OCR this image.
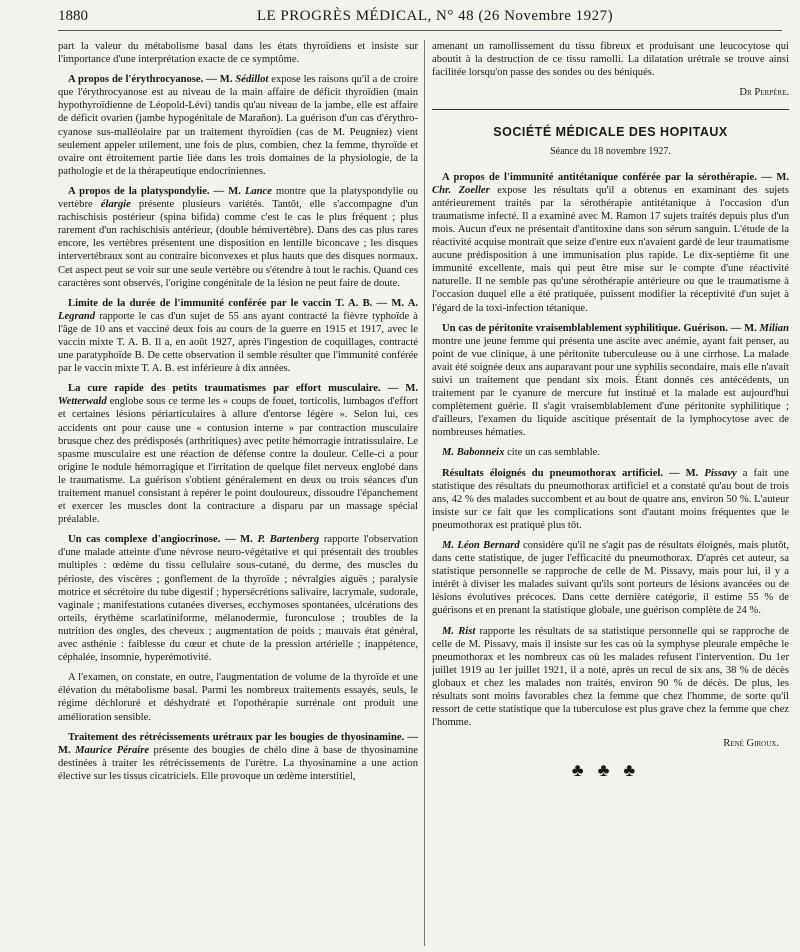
1880	LE PROGRÈS MÉDICAL, N° 48 (26 Novembre 1927)

part la valeur du métabolisme basal dans les états thyroïdiens et insiste sur l'importance d'une interprétation exacte de ce symptôme.

A propos de l'érythrocyanose. — M. Sédillot expose les raisons qu'il a de croire que l'érythrocyanose est au niveau de la main affaire de déficit thyroïdien (main hypothyroïdienne de Léopold-Lévi) tandis qu'au niveau de la jambe, elle est affaire de déficit ovarien (jambe hypogénitale de Marañon). La guérison d'un cas d'érythro-cyanose sus-malléolaire par un traitement thyroïdien (cas de M. Peugniez) vient seulement appeler utilement, une fois de plus, combien, chez la femme, thyroïde et ovaire ont étroitement partie liée dans les trois domaines de la physiologie, de la pathologie et de la thérapeutique endocriniennes.

A propos de la platyspondylie. — M. Lance montre que la platyspondylie ou vertèbre élargie présente plusieurs variétés. Tantôt, elle s'accompagne d'un rachischisis postérieur (spina bifida) comme c'est le cas le plus fréquent ; plus rarement d'un rachischisis antérieur, (double hémivertèbre). Dans des cas plus rares encore, les vertèbres présentent une disposition en lentille biconcave ; les disques intervertébraux sont au contraire biconvexes et plus hauts que des disques normaux. Cet aspect peut se voir sur une seule vertèbre ou s'étendre à tout le rachis. Quand ces caractères sont observés, l'origine congénitale de la lésion ne peut faire de doute.

Limite de la durée de l'immunité conférée par le vaccin T. A. B. — M. A. Legrand rapporte le cas d'un sujet de 55 ans ayant contracté la fièvre typhoïde à l'âge de 10 ans et vacciné deux fois au cours de la guerre en 1915 et 1917, avec le vaccin mixte T. A. B. Il a, en août 1927, après l'ingestion de coquillages, contracté une paratyphoïde B. De cette observation il semble résulter que l'immunité conférée par le vaccin mixte T. A. B. est inférieure à dix années.

La cure rapide des petits traumatismes par effort musculaire. — M. Wetterwald englobe sous ce terme les « coups de fouet, torticolis, lumbagos d'effort et certaines lésions périarticulaires à allure d'entorse légère ». Selon lui, ces accidents ont pour cause une « contusion interne » par contraction musculaire brusque chez des prédisposés (arthritiques) avec petite hémorragie intratissulaire. Le spasme musculaire est une réaction de défense contre la douleur. Celle-ci a pour origine le nodule hémorragique et l'irritation de quelque filet nerveux englobé dans le traumatisme. La guérison s'obtient généralement en deux ou trois séances d'un traitement manuel consistant à repérer le point douloureux, dissoudre l'épanchement et exercer les muscles dont la contracture a disparu par un massage spécial préalable.

Un cas complexe d'angiocrinose. — M. P. Bartenberg rapporte l'observation d'une malade atteinte d'une névrose neuro-végétative et qui présentait des troubles multiples : œdème du tissu cellulaire sous-cutané, du derme, des muscles du périoste, des viscères ; gonflement de la thyroïde ; névralgies aiguës ; paralysie motrice et sécrétoire du tube digestif ; hypersécrétions salivaire, lacrymale, sudorale, vaginale ; manifestations cutanées diverses, ecchymoses spontanées, ulcérations des orteils, érythème scarlatiniforme, mélanodermie, furonculose ; troubles de la nutrition des ongles, des cheveux ; augmentation de poids ; mauvais état général, avec asthénie : faiblesse du cœur et chute de la pression artérielle ; inappétence, céphalée, insomnie, hyperémotivité.

A l'examen, on constate, en outre, l'augmentation de volume de la thyroïde et une élévation du métabolisme basal. Parmi les nombreux traitements essayés, seuls, le régime déchloruré et déshydraté et l'opothérapie surrénale ont produit une amélioration sensible.

Traitement des rétrécissements urétraux par les bougies de thyosinamine. — M. Maurice Péraire présente des bougies de chélo dine à base de thyosinamine destinées à traiter les rétrécissements de l'urètre. La thyosinamine a une action élective sur les tissus cicatriciels. Elle provoque un œdème interstitiel,

amenant un ramollissement du tissu fibreux et produisant une leucocytose qui aboutit à la destruction de ce tissu ramolli. La dilatation urétrale se trouve ainsi facilitée lorsqu'on passe des sondes ou des béniqués.

Dr Perpère.

SOCIÉTÉ MÉDICALE DES HOPITAUX

Séance du 18 novembre 1927.

A propos de l'immunité antitétanique conférée par la sérothérapie. — M. Chr. Zoeller expose les résultats qu'il a obtenus en examinant des sujets antérieurement traités par la sérothérapie antitétanique à l'occasion d'un traumatisme infecté. Il a examiné avec M. Ramon 17 sujets traités depuis plus d'un mois. Aucun d'eux ne présentait d'antitoxine dans son sérum sanguin. L'étude de la réactivité acquise montrait que seize d'entre eux n'avaient gardé de leur traumatisme aucune prédisposition à une immunisation plus rapide. Le dix-septième fit une immunité excellente, mais qui peut être mise sur le compte d'une réactivité naturelle. Il ne semble pas qu'une sérothérapie antérieure ou que le traumatisme à l'occasion duquel elle a été pratiquée, puissent modifier la réceptivité d'un sujet à l'égard de la toxi-infection tétanique.

Un cas de péritonite vraisemblablement syphilitique. Guérison. — M. Milian montre une jeune femme qui présenta une ascite avec anémie, ayant fait penser, au point de vue clinique, à une péritonite tuberculeuse ou à une cirrhose. La malade avait été soignée deux ans auparavant pour une syphilis secondaire, mais elle n'avait suivi un traitement que pendant six mois. Étant donnés ces antécédents, un traitement par le cyanure de mercure fut institué et la malade est aujourd'hui complètement guérie. Il s'agit vraisemblablement d'une péritonite syphilitique ; d'ailleurs, l'examen du liquide ascitique présentait de la lymphocytose avec de nombreuses hématies.

M. Babonneix cite un cas semblable.

Résultats éloignés du pneumothorax artificiel. — M. Pissavy a fait une statistique des résultats du pneumothorax artificiel et a constaté qu'au bout de trois ans, 42 % des malades succombent et au bout de quatre ans, environ 50 %. L'auteur insiste sur ce fait que les complications sont d'autant moins fréquentes que le pneumothorax est pratiqué plus tôt.

M. Léon Bernard considère qu'il ne s'agit pas de résultats éloignés, mais plutôt, dans cette statistique, de juger l'efficacité du pneumothorax. D'après cet auteur, sa statistique personnelle se rapproche de celle de M. Pissavy, mais pour lui, il y a intérêt à diviser les malades suivant qu'ils sont porteurs de lésions avancées ou de lésions évolutives précoces. Dans cette dernière catégorie, il estime 55 % de guérisons et en prenant la statistique globale, une guérison complète de 24 %.

M. Rist rapporte les résultats de sa statistique personnelle qui se rapproche de celle de M. Pissavy, mais il insiste sur les cas où la symphyse pleurale empêche le pneumothorax et les nombreux cas où les malades refusent l'intervention. Du 1er juillet 1919 au 1er juillet 1921, il a noté, après un recul de six ans, 38 % de décès globaux et chez les malades non traités, environ 90 % de décès. De plus, les résultats sont moins favorables chez la femme que chez l'homme, de sorte qu'il ressort de cette statistique que la tuberculose est plus grave chez la femme que chez l'homme.

René Giroux.

♣♣♣
